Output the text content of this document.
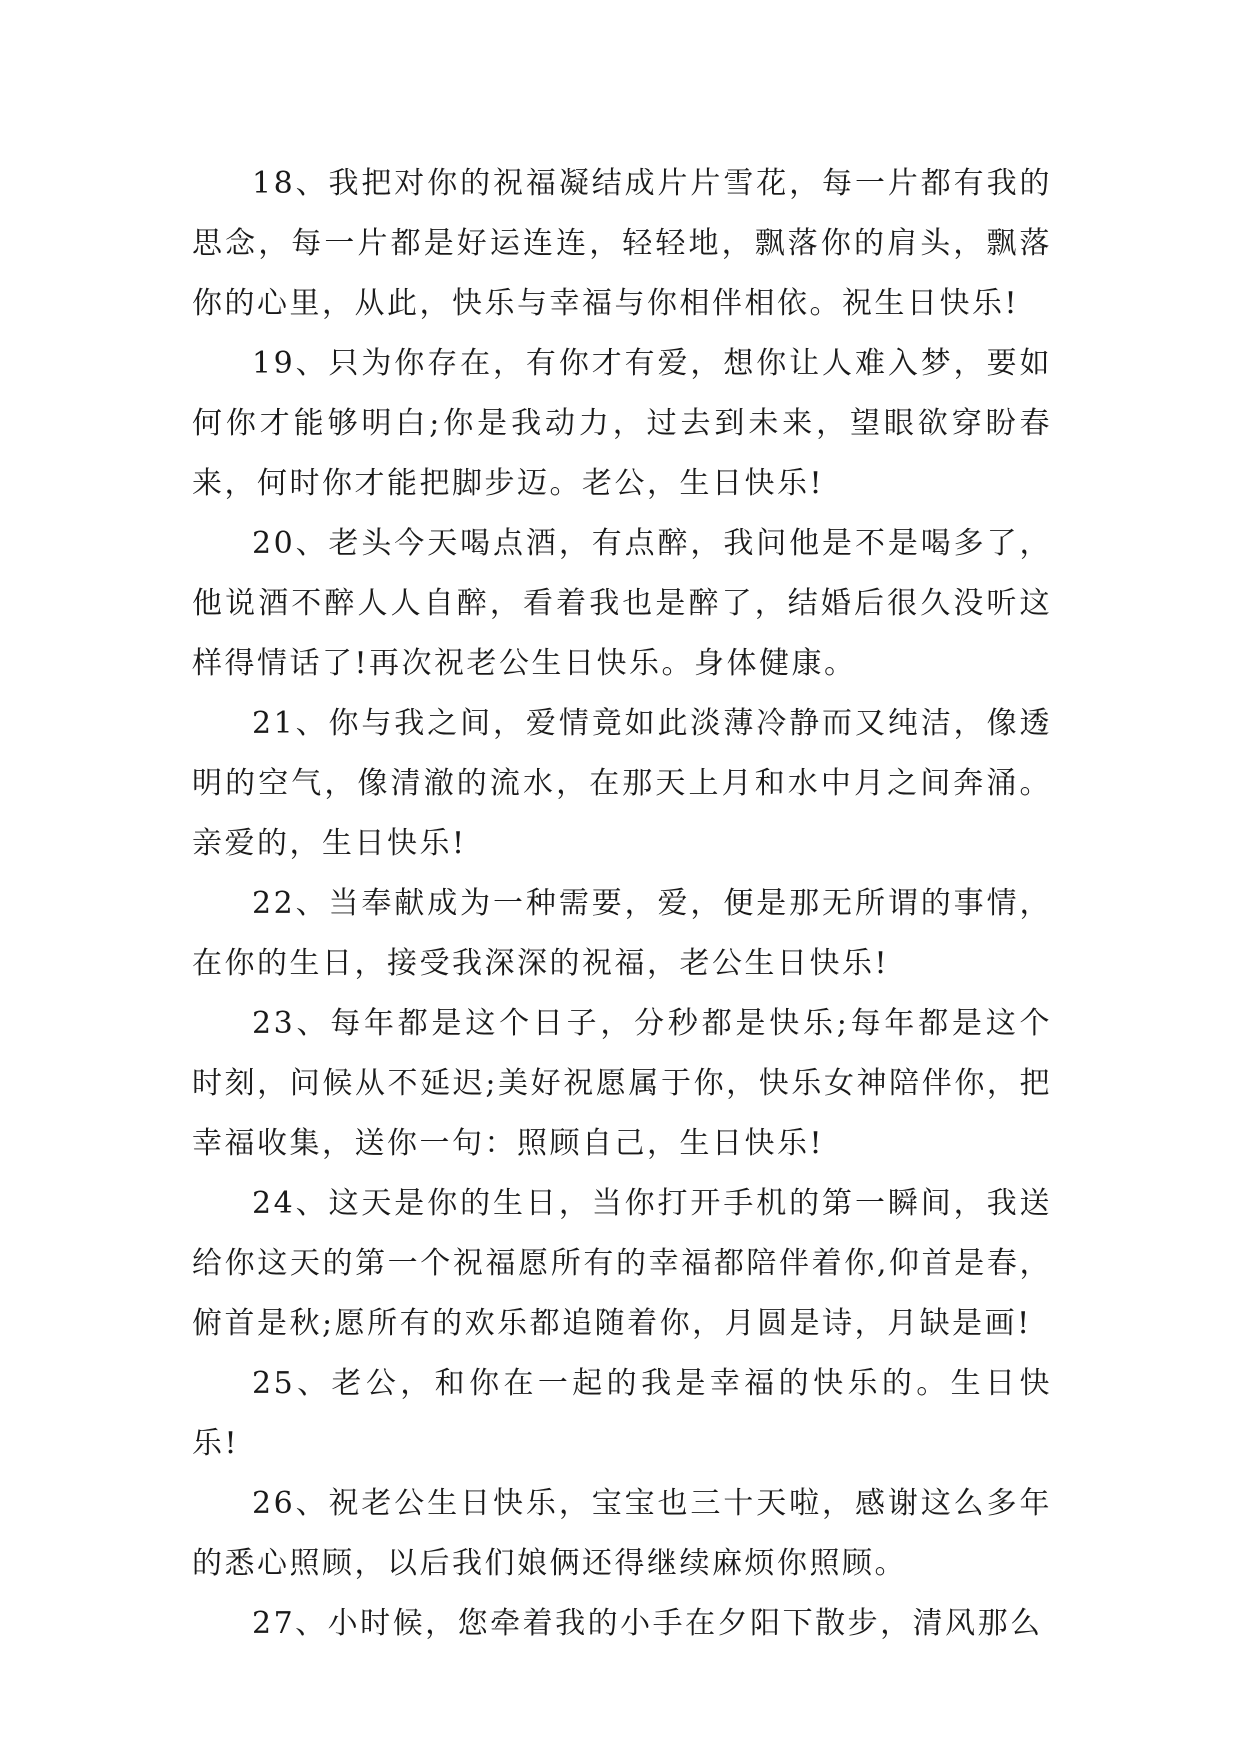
18、我把对你的祝福凝结成片片雪花，每一片都有我的思念，每一片都是好运连连，轻轻地，飘落你的肩头，飘落你的心里，从此，快乐与幸福与你相伴相依。祝生日快乐!

19、只为你存在，有你才有爱，想你让人难入梦，要如何你才能够明白;你是我动力，过去到未来，望眼欲穿盼春来，何时你才能把脚步迈。老公，生日快乐!

20、老头今天喝点酒，有点醉，我问他是不是喝多了，他说酒不醉人人自醉，看着我也是醉了，结婚后很久没听这样得情话了!再次祝老公生日快乐。身体健康。

21、你与我之间，爱情竟如此淡薄冷静而又纯洁，像透明的空气，像清澈的流水，在那天上月和水中月之间奔涌。亲爱的，生日快乐!

22、当奉献成为一种需要，爱，便是那无所谓的事情，在你的生日，接受我深深的祝福，老公生日快乐!

23、每年都是这个日子，分秒都是快乐;每年都是这个时刻，问候从不延迟;美好祝愿属于你，快乐女神陪伴你，把幸福收集，送你一句：照顾自己，生日快乐!

24、这天是你的生日，当你打开手机的第一瞬间，我送给你这天的第一个祝福愿所有的幸福都陪伴着你,仰首是春，俯首是秋;愿所有的欢乐都追随着你，月圆是诗，月缺是画!

25、老公，和你在一起的我是幸福的快乐的。生日快乐!

26、祝老公生日快乐，宝宝也三十天啦，感谢这么多年的悉心照顾，以后我们娘俩还得继续麻烦你照顾。

27、小时候，您牵着我的小手在夕阳下散步，清风那么
